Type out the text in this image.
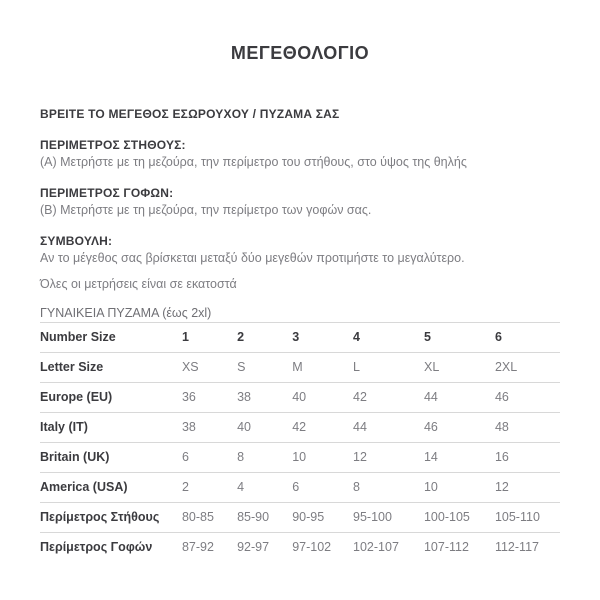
ΜΕΓΕΘΟΛΟΓΙΟ
ΒΡΕΙΤΕ ΤΟ ΜΕΓΕΘΟΣ ΕΣΩΡΟΥΧΟΥ / ΠΥΖΑΜΑ ΣΑΣ
ΠΕΡΙΜΕΤΡΟΣ ΣΤΗΘΟΥΣ:
(A) Μετρήστε με τη μεζούρα, την περίμετρο του στήθους, στο ύψος της θηλής
ΠΕΡΙΜΕΤΡΟΣ ΓΟΦΩΝ:
(B) Μετρήστε με τη μεζούρα, την περίμετρο των γοφών σας.
ΣΥΜΒΟΥΛΗ:
Αν το μέγεθος σας βρίσκεται μεταξύ δύο μεγεθών προτιμήστε το μεγαλύτερο.
Όλες οι μετρήσεις είναι σε εκατοστά
ΓΥΝΑΙΚΕΙΑ ΠΥΖΑΜΑ (έως 2xl)
Number Size	1	2	3	4	5	6
Letter Size	XS	S	M	L	XL	2XL
Europe (EU)	36	38	40	42	44	46
Italy (IT)	38	40	42	44	46	48
Britain (UK)	6	8	10	12	14	16
America (USA)	2	4	6	8	10	12
Περίμετρος Στήθους	80-85	85-90	90-95	95-100	100-105	105-110
Περίμετρος Γοφών	87-92	92-97	97-102	102-107	107-112	112-117
